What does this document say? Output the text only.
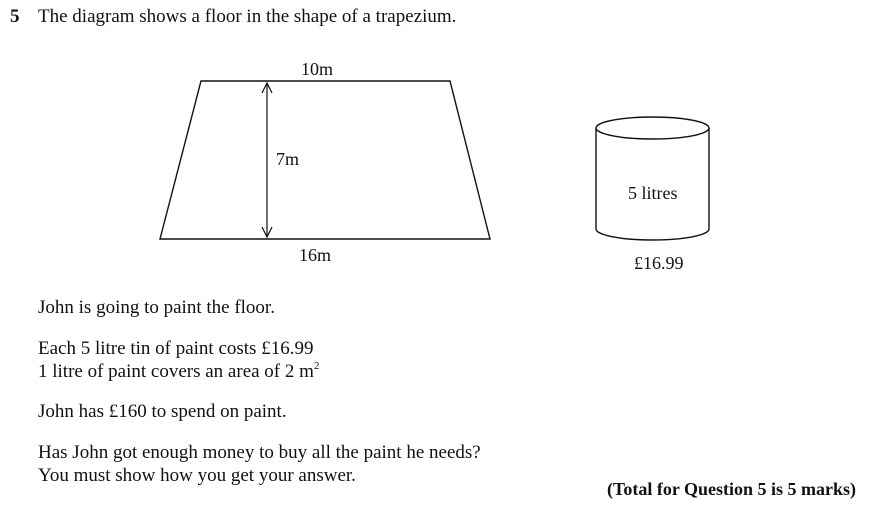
5 The diagram shows a floor in the shape of a trapezium.
10m
7m
16m
5 litres
£16.99
John is going to paint the floor.
Each 5 litre tin of paint costs £16.99
1 litre of paint covers an area of 2 $m^2$
John has £160 to spend on paint.
Has John got enough money to buy all the paint he needs?
You must show how you get your answer.
(Total for Question 5 is 5 marks)
